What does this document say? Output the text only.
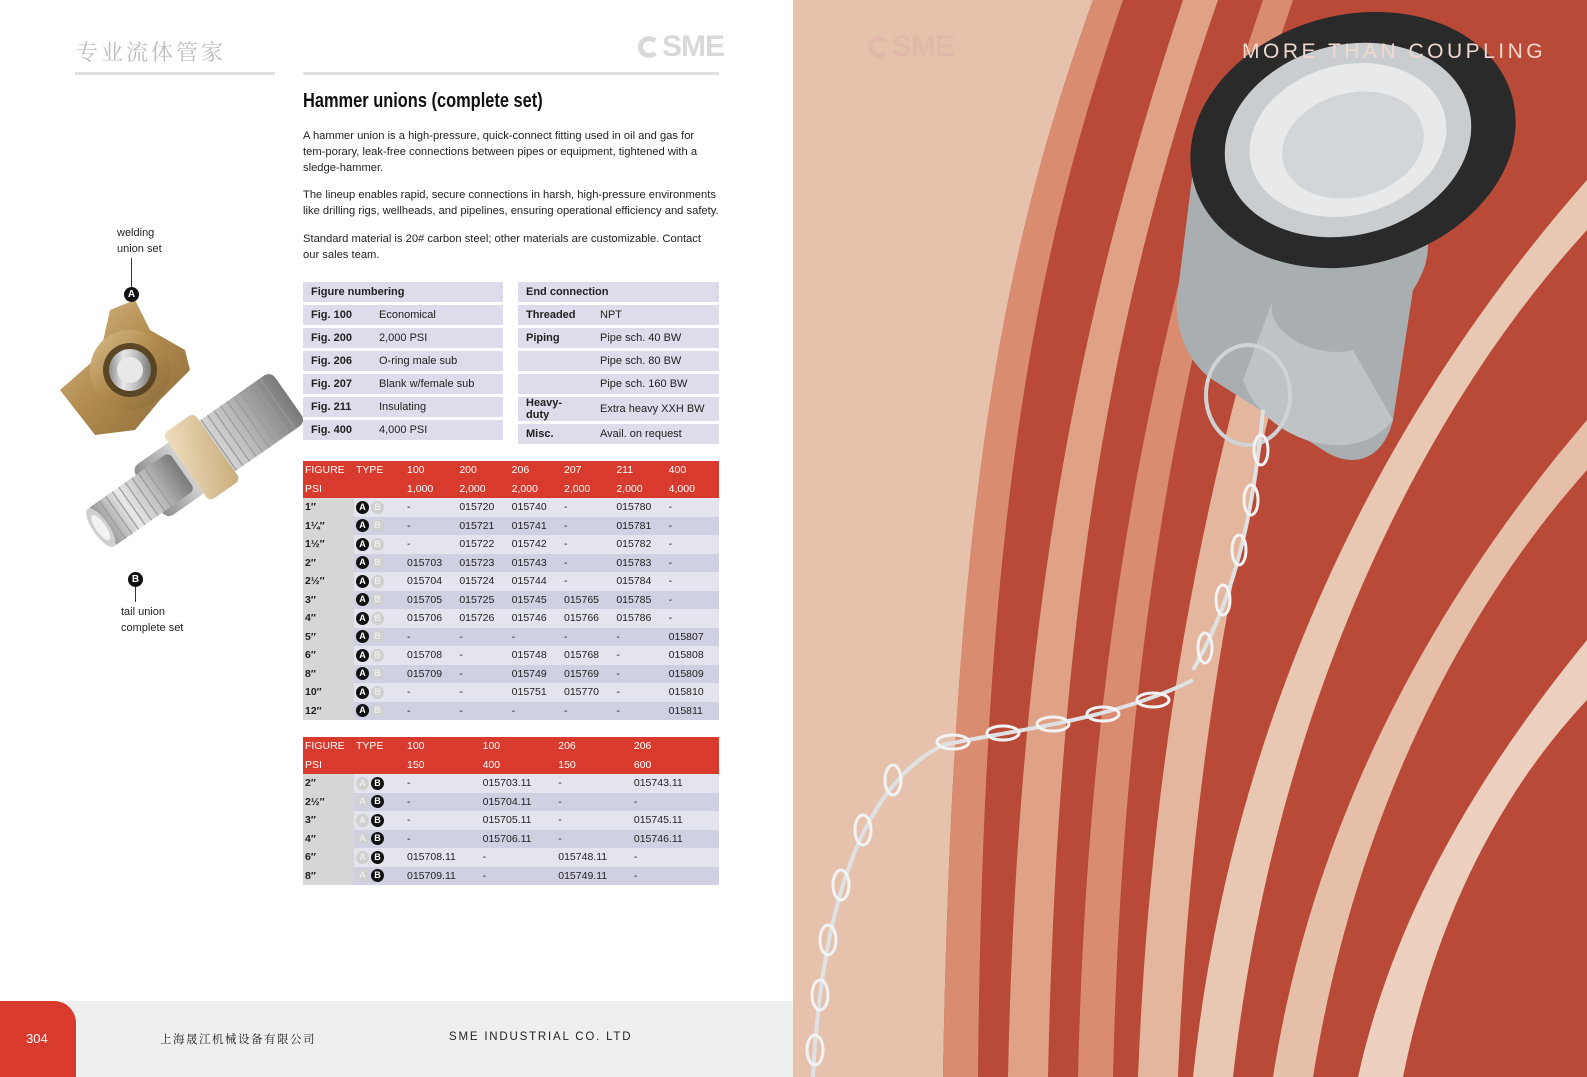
专业流体管家	SME
Hammer unions (complete set)
A hammer union is a high-pressure, quick-connect fitting used in oil and gas for tem-porary, leak-free connections between pipes or equipment, tightened with a sledge-hammer.
The lineup enables rapid, secure connections in harsh, high-pressure environments like drilling rigs, wellheads, and pipelines, ensuring operational efficiency and safety.
Standard material is 20# carbon steel; other materials are customizable. Contact our sales team.
A
welding
union set
B
tail union
complete set
Figure numbering	
Fig. 100	Economical
Fig. 200	2,000 PSI
Fig. 206	O-ring male sub
Fig. 207	Blank w/female sub
Fig. 211	Insulating
Fig. 400	4,000 PSI
End connection	
Threaded	NPT
Piping	Pipe sch. 40 BW
	Pipe sch. 80 BW
	Pipe sch. 160 BW
Heavy-duty	Extra heavy XXH BW
Misc.	Avail. on request
FIGURE	TYPE	100	200	206	207	211	400
PSI		1,000	2,000	2,000	2,000	2,000	4,000
1″	A B	-	015720	015740	-	015780	-
1¼″	A B	-	015721	015741	-	015781	-
1½″	A B	-	015722	015742	-	015782	-
2″	A B	015703	015723	015743	-	015783	-
2½″	A B	015704	015724	015744	-	015784	-
3″	A B	015705	015725	015745	015765	015785	-
4″	A B	015706	015726	015746	015766	015786	-
5″	A B	-	-	-	-	-	015807
6″	A B	015708	-	015748	015768	-	015808
8″	A B	015709	-	015749	015769	-	015809
10″	A B	-	-	015751	015770	-	015810
12″	A B	-	-	-	-	-	015811
FIGURE	TYPE	100	100	206	206		
PSI		150	400	150	600		
2″	A B	-	015703.11	-	015743.11		
2½″	A B	-	015704.11	-	-		
3″	A B	-	015705.11	-	015745.11		
4″	A B	-	015706.11	-	015746.11		
6″	A B	015708.11	-	015748.11	-		
8″	A B	015709.11	-	015749.11	-		
304	上海晟江机械设备有限公司	SME INDUSTRIAL CO. LTD
SME	MORE THAN COUPLING
